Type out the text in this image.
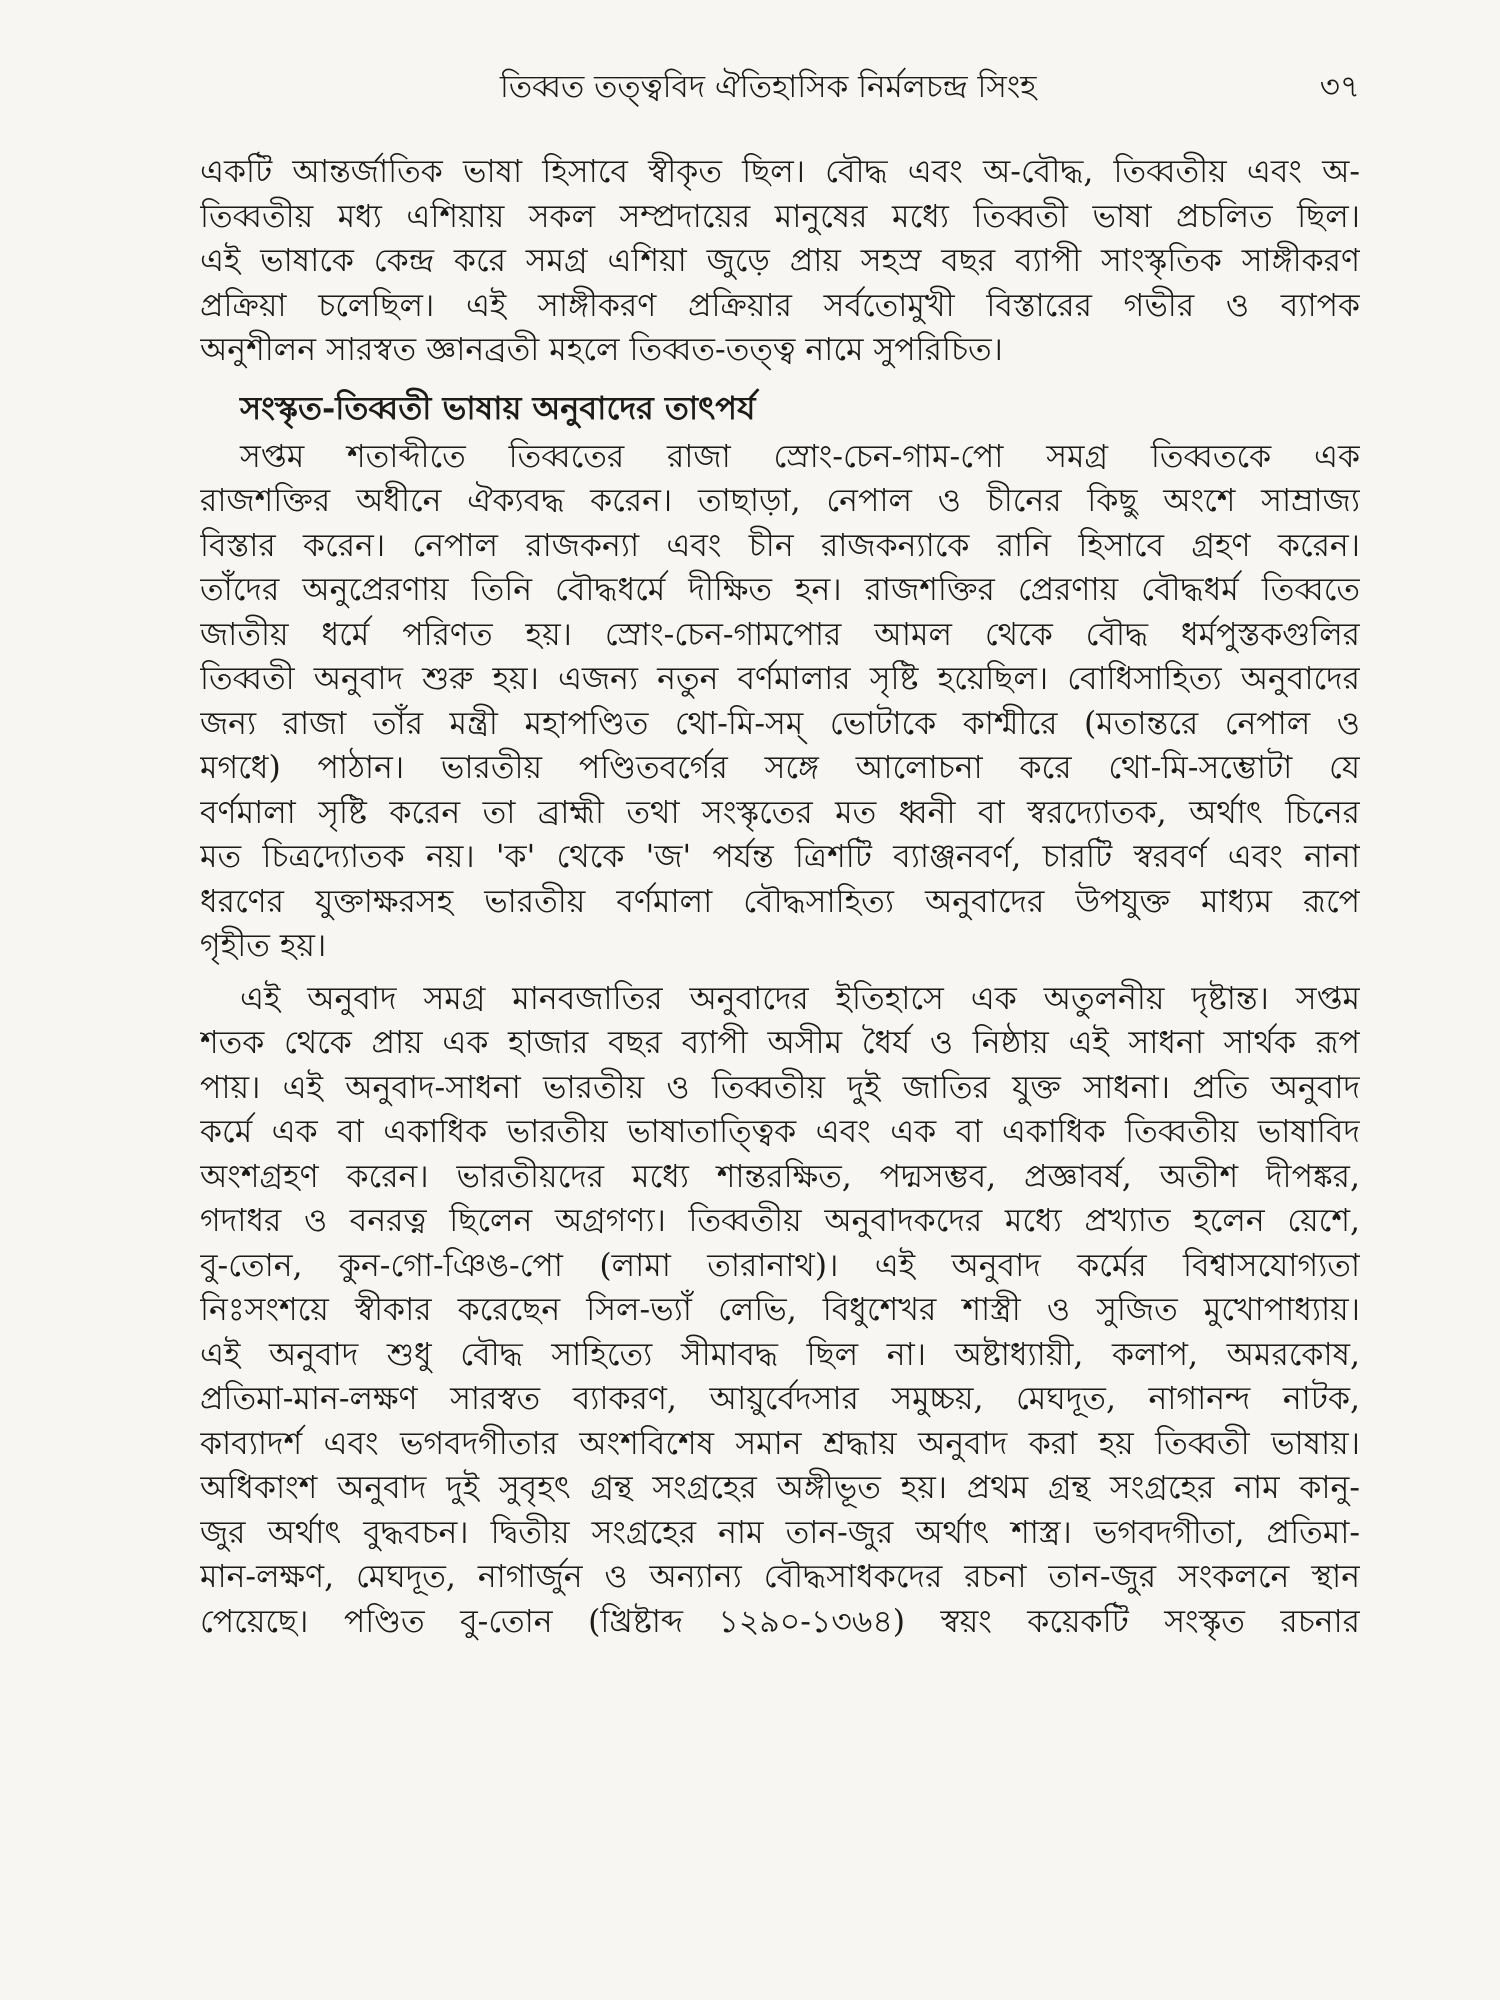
তিব্বত তত্ত্ববিদ ঐতিহাসিক নির্মলচন্দ্র সিংহ	৩৭
একটি আন্তর্জাতিক ভাষা হিসাবে স্বীকৃত ছিল। বৌদ্ধ এবং অ-বৌদ্ধ, তিব্বতীয় এবং অ-
তিব্বতীয় মধ্য এশিয়ায় সকল সম্প্রদায়ের মানুষের মধ্যে তিব্বতী ভাষা প্রচলিত ছিল।
এই ভাষাকে কেন্দ্র করে সমগ্র এশিয়া জুড়ে প্রায় সহস্র বছর ব্যাপী সাংস্কৃতিক সাঙ্গীকরণ
প্রক্রিয়া চলেছিল। এই সাঙ্গীকরণ প্রক্রিয়ার সর্বতোমুখী বিস্তারের গভীর ও ব্যাপক
অনুশীলন সারস্বত জ্ঞানব্রতী মহলে তিব্বত-তত্ত্ব নামে সুপরিচিত।
সংস্কৃত-তিব্বতী ভাষায় অনুবাদের তাৎপর্য
সপ্তম শতাব্দীতে তিব্বতের রাজা স্রোং-চেন-গাম-পো সমগ্র তিব্বতকে এক
রাজশক্তির অধীনে ঐক্যবদ্ধ করেন। তাছাড়া, নেপাল ও চীনের কিছু অংশে সাম্রাজ্য
বিস্তার করেন। নেপাল রাজকন্যা এবং চীন রাজকন্যাকে রানি হিসাবে গ্রহণ করেন।
তাঁদের অনুপ্রেরণায় তিনি বৌদ্ধধর্মে দীক্ষিত হন। রাজশক্তির প্রেরণায় বৌদ্ধধর্ম তিব্বতে
জাতীয় ধর্মে পরিণত হয়। স্রোং-চেন-গামপোর আমল থেকে বৌদ্ধ ধর্মপুস্তকগুলির
তিব্বতী অনুবাদ শুরু হয়। এজন্য নতুন বর্ণমালার সৃষ্টি হয়েছিল। বোধিসাহিত্য অনুবাদের
জন্য রাজা তাঁর মন্ত্রী মহাপণ্ডিত থো-মি-সম্ ভোটাকে কাশ্মীরে (মতান্তরে নেপাল ও
মগধে) পাঠান। ভারতীয় পণ্ডিতবর্গের সঙ্গে আলোচনা করে থো-মি-সম্ভোটা যে
বর্ণমালা সৃষ্টি করেন তা ব্রাহ্মী তথা সংস্কৃতের মত ধ্বনী বা স্বরদ্যোতক, অর্থাৎ চিনের
মত চিত্রদ্যোতক নয়। 'ক' থেকে 'জ' পর্যন্ত ত্রিশটি ব্যাঞ্জনবর্ণ, চারটি স্বরবর্ণ এবং নানা
ধরণের যুক্তাক্ষরসহ ভারতীয় বর্ণমালা বৌদ্ধসাহিত্য অনুবাদের উপযুক্ত মাধ্যম রূপে
গৃহীত হয়।
এই অনুবাদ সমগ্র মানবজাতির অনুবাদের ইতিহাসে এক অতুলনীয় দৃষ্টান্ত। সপ্তম
শতক থেকে প্রায় এক হাজার বছর ব্যাপী অসীম ধৈর্য ও নিষ্ঠায় এই সাধনা সার্থক রূপ
পায়। এই অনুবাদ-সাধনা ভারতীয় ও তিব্বতীয় দুই জাতির যুক্ত সাধনা। প্রতি অনুবাদ
কর্মে এক বা একাধিক ভারতীয় ভাষাতাত্ত্বিক এবং এক বা একাধিক তিব্বতীয় ভাষাবিদ
অংশগ্রহণ করেন। ভারতীয়দের মধ্যে শান্তরক্ষিত, পদ্মসম্ভব, প্রজ্ঞাবর্ষ, অতীশ দীপঙ্কর,
গদাধর ও বনরত্ন ছিলেন অগ্রগণ্য। তিব্বতীয় অনুবাদকদের মধ্যে প্রখ্যাত হলেন য়েশে,
বু-তোন, কুন-গো-ঞিঙ-পো (লামা তারানাথ)। এই অনুবাদ কর্মের বিশ্বাসযোগ্যতা
নিঃসংশয়ে স্বীকার করেছেন সিল-ভ্যাঁ লেভি, বিধুশেখর শাস্ত্রী ও সুজিত মুখোপাধ্যায়।
এই অনুবাদ শুধু বৌদ্ধ সাহিত্যে সীমাবদ্ধ ছিল না। অষ্টাধ্যায়ী, কলাপ, অমরকোষ,
প্রতিমা-মান-লক্ষণ সারস্বত ব্যাকরণ, আয়ুর্বেদসার সমুচ্চয়, মেঘদূত, নাগানন্দ নাটক,
কাব্যাদর্শ এবং ভগবদগীতার অংশবিশেষ সমান শ্রদ্ধায় অনুবাদ করা হয় তিব্বতী ভাষায়।
অধিকাংশ অনুবাদ দুই সুবৃহৎ গ্রন্থ সংগ্রহের অঙ্গীভূত হয়। প্রথম গ্রন্থ সংগ্রহের নাম কানু-
জুর অর্থাৎ বুদ্ধবচন। দ্বিতীয় সংগ্রহের নাম তান-জুর অর্থাৎ শাস্ত্র। ভগবদগীতা, প্রতিমা-
মান-লক্ষণ, মেঘদূত, নাগার্জুন ও অন্যান্য বৌদ্ধসাধকদের রচনা তান-জুর সংকলনে স্থান
পেয়েছে। পণ্ডিত বু-তোন (খ্রিষ্টাব্দ ১২৯০-১৩৬৪) স্বয়ং কয়েকটি সংস্কৃত রচনার
